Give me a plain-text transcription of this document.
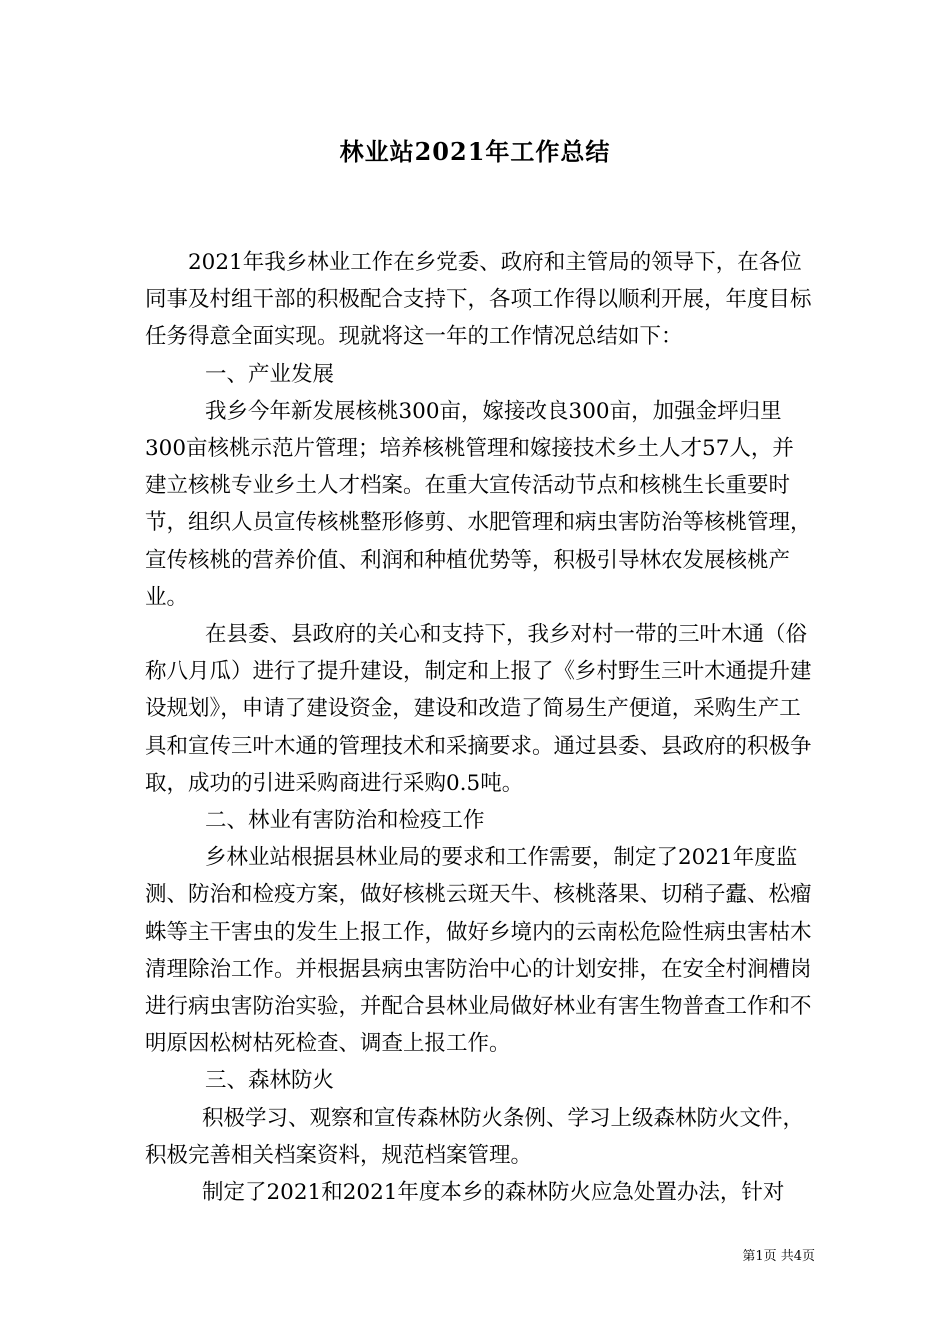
林业站2021年工作总结

2021年我乡林业工作在乡党委、政府和主管局的领导下，在各位同事及村组干部的积极配合支持下，各项工作得以顺利开展，年度目标任务得意全面实现。现就将这一年的工作情况总结如下：

一、产业发展

我乡今年新发展核桃300亩，嫁接改良300亩，加强金坪归里300亩核桃示范片管理；培养核桃管理和嫁接技术乡土人才57人，并建立核桃专业乡土人才档案。在重大宣传活动节点和核桃生长重要时节，组织人员宣传核桃整形修剪、水肥管理和病虫害防治等核桃管理，宣传核桃的营养价值、利润和种植优势等，积极引导林农发展核桃产业。

在县委、县政府的关心和支持下，我乡对村一带的三叶木通（俗称八月瓜）进行了提升建设，制定和上报了《乡村野生三叶木通提升建设规划》，申请了建设资金，建设和改造了简易生产便道，采购生产工具和宣传三叶木通的管理技术和采摘要求。通过县委、县政府的积极争取，成功的引进采购商进行采购0.5吨。

二、林业有害防治和检疫工作

乡林业站根据县林业局的要求和工作需要，制定了2021年度监测、防治和检疫方案，做好核桃云斑天牛、核桃落果、切稍子蠹、松瘤蛛等主干害虫的发生上报工作，做好乡境内的云南松危险性病虫害枯木清理除治工作。并根据县病虫害防治中心的计划安排，在安全村涧槽岗进行病虫害防治实验，并配合县林业局做好林业有害生物普查工作和不明原因松树枯死检查、调查上报工作。

三、森林防火

积极学习、观察和宣传森林防火条例、学习上级森林防火文件，积极完善相关档案资料，规范档案管理。

制定了2021和2021年度本乡的森林防火应急处置办法，针对

第1页 共4页
